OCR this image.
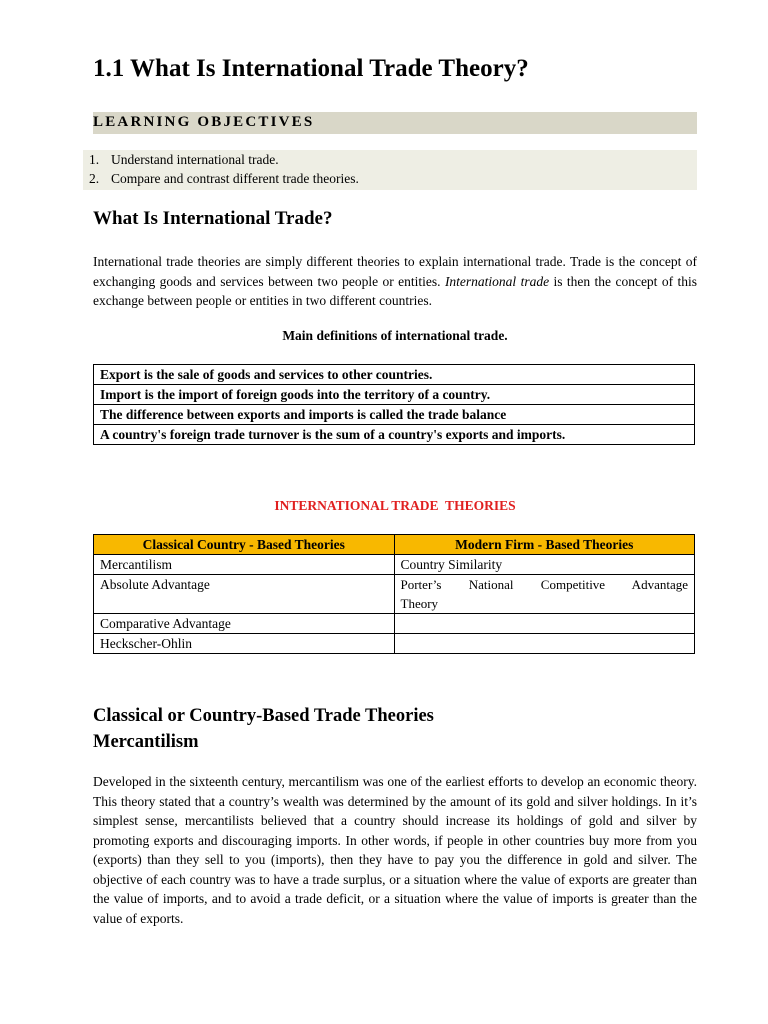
1.1 What Is International Trade Theory?
LEARNING OBJECTIVES
1. Understand international trade.
2. Compare and contrast different trade theories.
What Is International Trade?

International trade theories are simply different theories to explain international trade. Trade is the concept of exchanging goods and services between two people or entities. International trade is then the concept of this exchange between people or entities in two different countries.

Main definitions of international trade.
Export is the sale of goods and services to other countries.
Import is the import of foreign goods into the territory of a country.
The difference between exports and imports is called the trade balance
A country's foreign trade turnover is the sum of a country's exports and imports.
INTERNATIONAL TRADE  THEORIES
Classical Country - Based Theories	Modern Firm - Based Theories
Mercantilism	Country Similarity
Absolute Advantage	Porter’s National Competitive Advantage
Theory

Comparative Advantage	
Heckscher-Ohlin	
Classical or Country-Based Trade Theories
Mercantilism

Developed in the sixteenth century, mercantilism was one of the earliest efforts to develop an economic theory. This theory stated that a country’s wealth was determined by the amount of its gold and silver holdings. In it’s simplest sense, mercantilists believed that a country should increase its holdings of gold and silver by promoting exports and discouraging imports. In other words, if people in other countries buy more from you (exports) than they sell to you (imports), then they have to pay you the difference in gold and silver. The objective of each country was to have a trade surplus, or a situation where the value of exports are greater than the value of imports, and to avoid a trade deficit, or a situation where the value of imports is greater than the value of exports.
